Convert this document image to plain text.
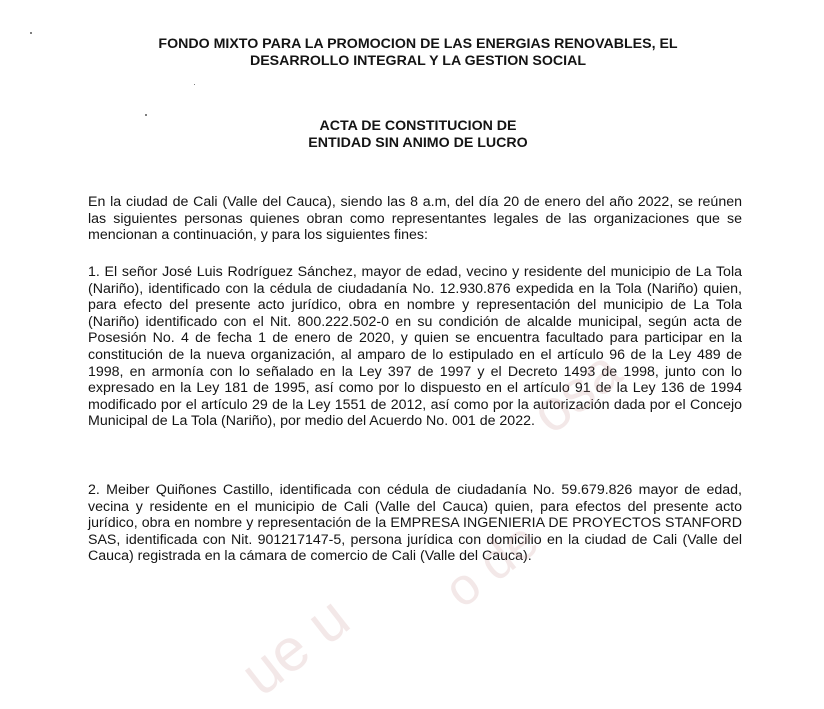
FONDO MIXTO PARA LA PROMOCION DE LAS ENERGIAS RENOVABLES, EL
DESARROLLO INTEGRAL Y LA GESTION SOCIAL
ACTA DE CONSTITUCION DE
ENTIDAD SIN ANIMO DE LUCRO

En la ciudad de Cali (Valle del Cauca), siendo las 8 a.m, del día 20 de enero del año 2022, se reúnen las siguientes personas quienes obran como representantes legales de las organizaciones que se mencionan a continuación, y para los siguientes fines:

1. El señor José Luis Rodríguez Sánchez, mayor de edad, vecino y residente del municipio de La Tola (Nariño), identificado con la cédula de ciudadanía No. 12.930.876 expedida en la Tola (Nariño) quien, para efecto del presente acto jurídico, obra en nombre y representación del municipio de La Tola (Nariño) identificado con el Nit. 800.222.502-0 en su condición de alcalde municipal, según acta de Posesión No. 4 de fecha 1 de enero de 2020, y quien se encuentra facultado para participar en la constitución de la nueva organización, al amparo de lo estipulado en el artículo 96 de la Ley 489 de 1998, en armonía con lo señalado en la Ley 397 de 1997 y el Decreto 1493 de 1998, junto con lo expresado en la Ley 181 de 1995, así como por lo dispuesto en el artículo 91 de la Ley 136 de 1994 modificado por el artículo 29 de la Ley 1551 de 2012, así como por la autorización dada por el Concejo Municipal de La Tola (Nariño), por medio del Acuerdo No. 001 de 2022.

2. Meiber Quiñones Castillo, identificada con cédula de ciudadanía No. 59.679.826 mayor de edad, vecina y residente en el municipio de Cali (Valle del Cauca) quien, para efectos del presente acto jurídico, obra en nombre y representación de la EMPRESA INGENIERIA DE PROYECTOS STANFORD SAS, identificada con Nit. 901217147-5, persona jurídica con domicilio en la ciudad de Cali (Valle del Cauca) registrada en la cámara de comercio de Cali (Valle del Cauca).

osa
o de
ue u
